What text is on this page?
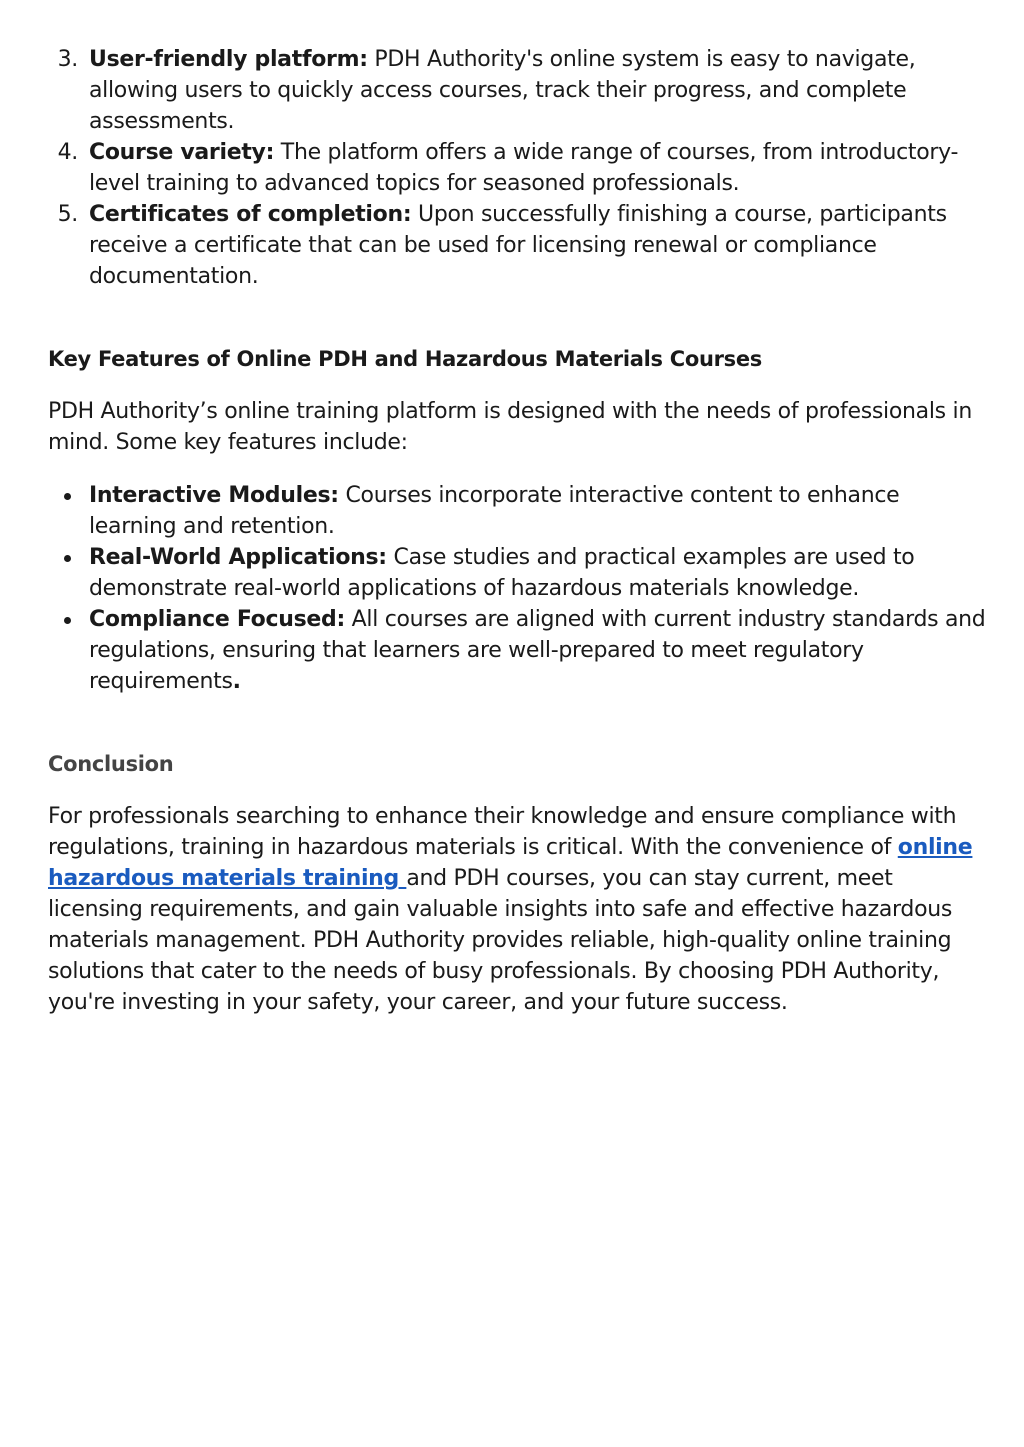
3. User-friendly platform: PDH Authority's online system is easy to navigate, allowing users to quickly access courses, track their progress, and complete assessments.
4. Course variety: The platform offers a wide range of courses, from introductory-level training to advanced topics for seasoned professionals.
5. Certificates of completion: Upon successfully finishing a course, participants receive a certificate that can be used for licensing renewal or compliance documentation.
Key Features of Online PDH and Hazardous Materials Courses

PDH Authority’s online training platform is designed with the needs of professionals in mind. Some key features include:

Interactive Modules: Courses incorporate interactive content to enhance learning and retention.
Real-World Applications: Case studies and practical examples are used to demonstrate real-world applications of hazardous materials knowledge.
Compliance Focused: All courses are aligned with current industry standards and regulations, ensuring that learners are well-prepared to meet regulatory requirements.
Conclusion

For professionals searching to enhance their knowledge and ensure compliance with regulations, training in hazardous materials is critical. With the convenience of online hazardous materials training and PDH courses, you can stay current, meet licensing requirements, and gain valuable insights into safe and effective hazardous materials management. PDH Authority provides reliable, high-quality online training solutions that cater to the needs of busy professionals. By choosing PDH Authority, you're investing in your safety, your career, and your future success.
